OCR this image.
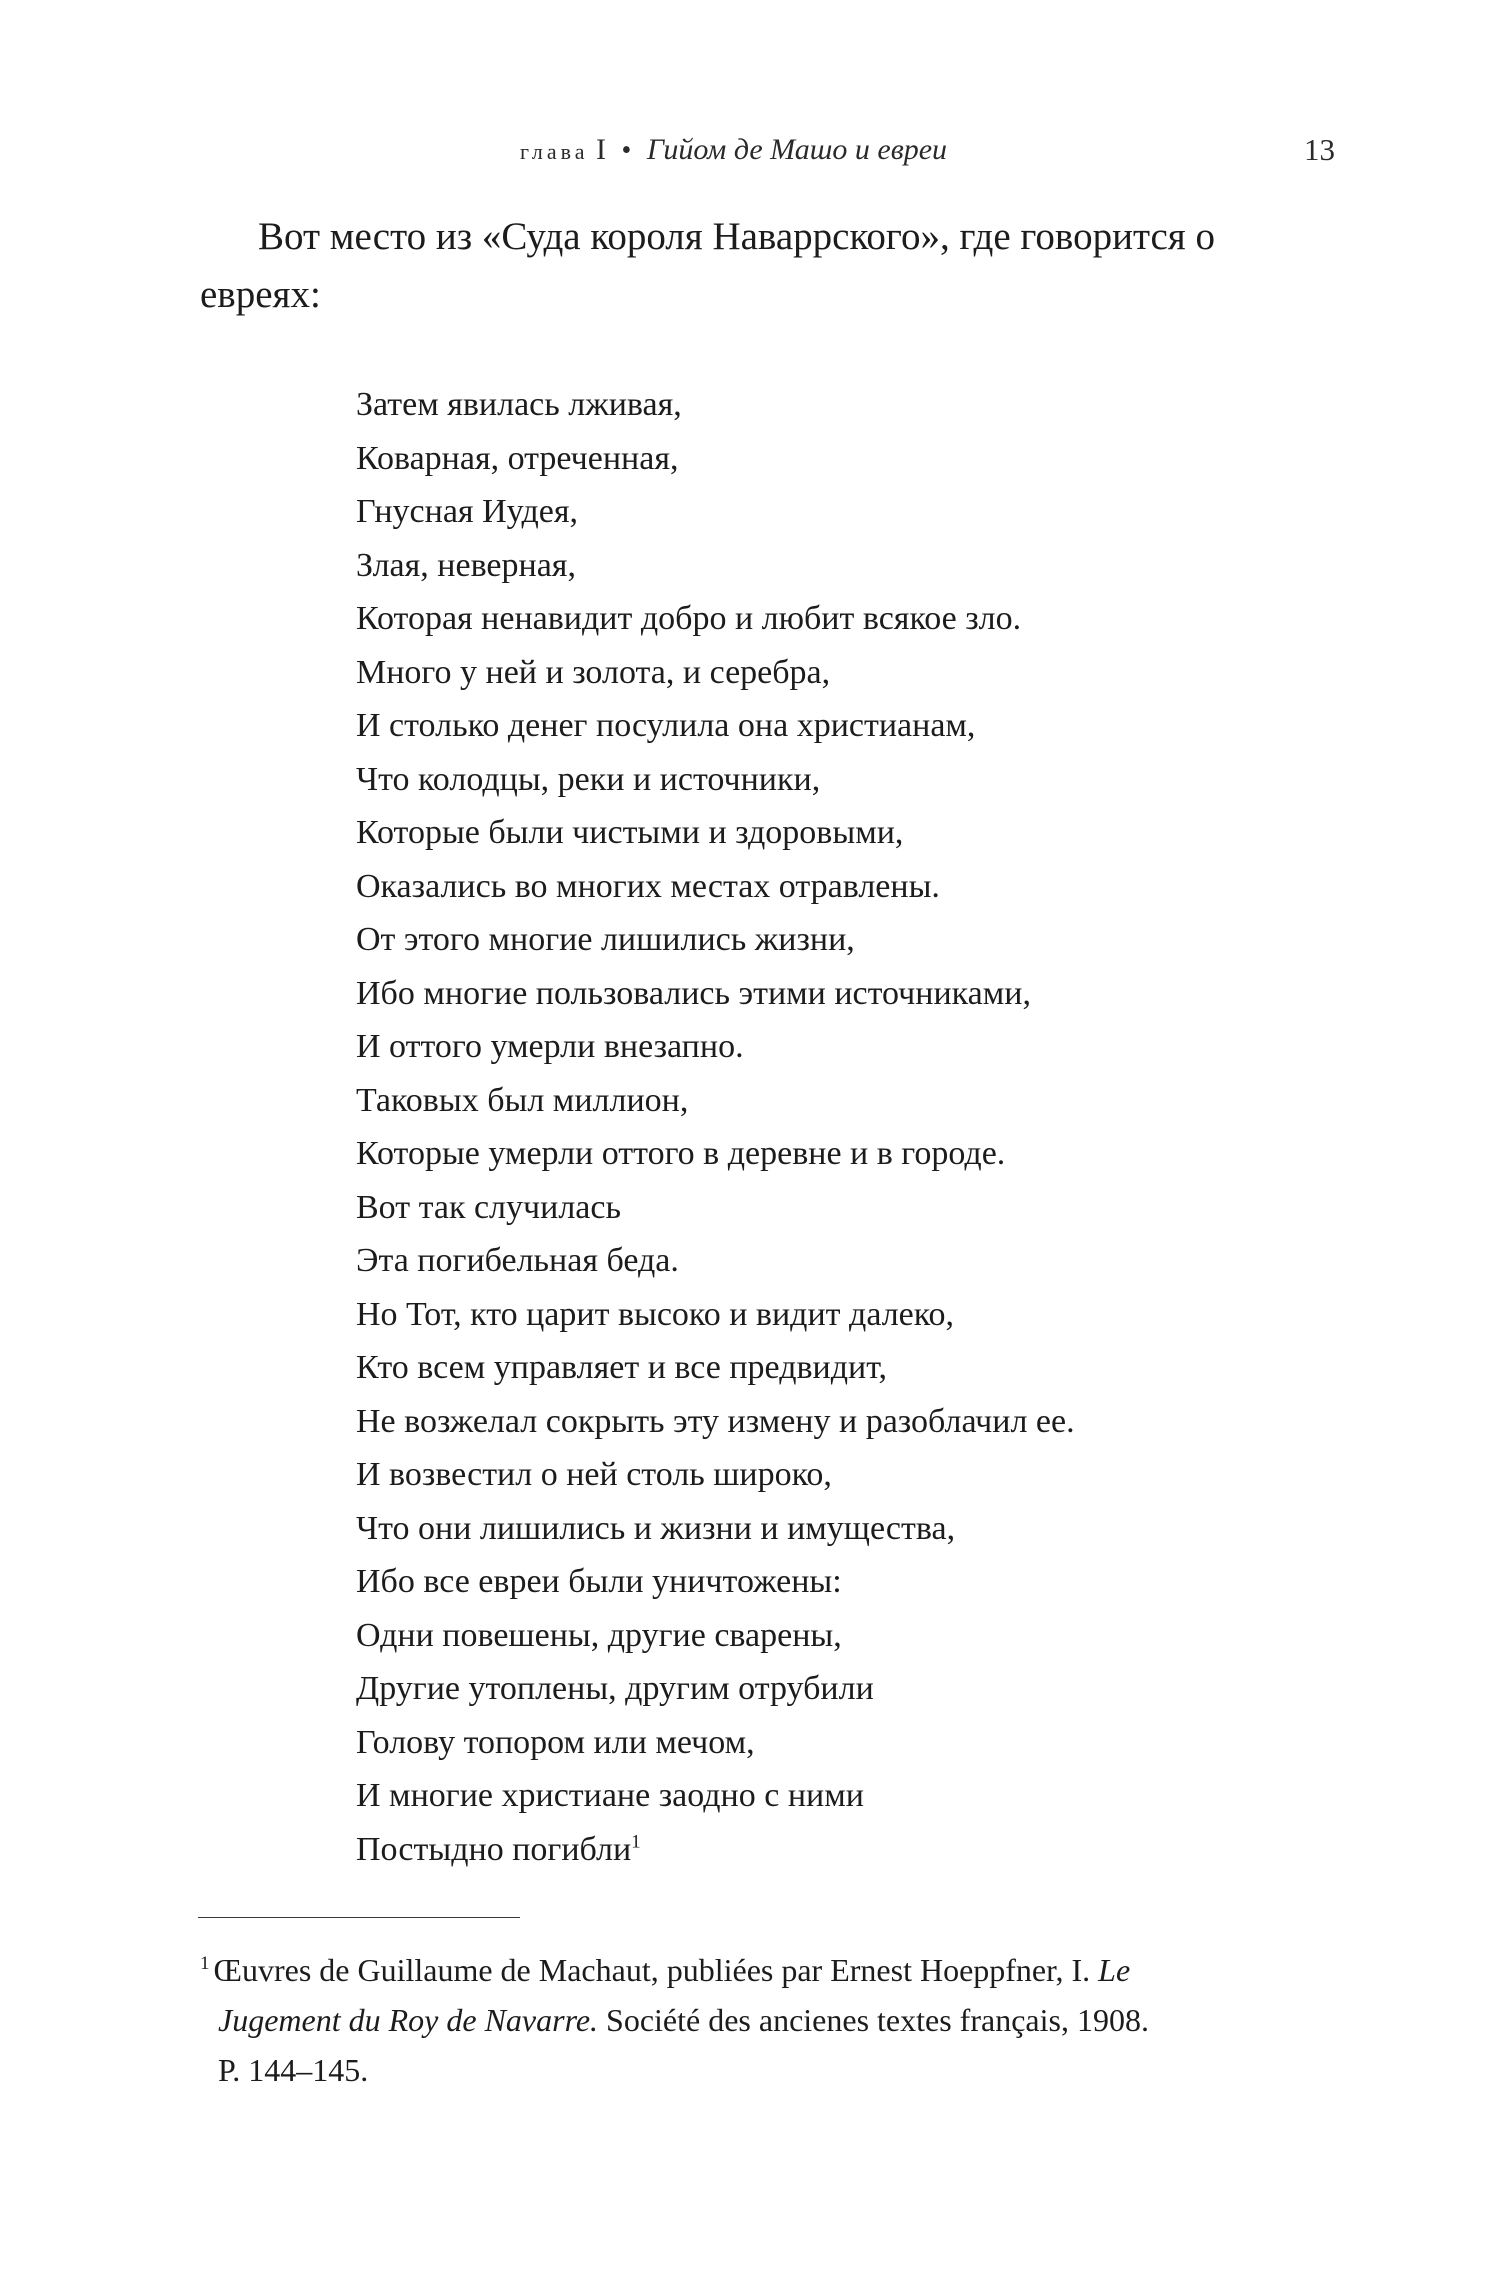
глава I • Гийом де Машо и евреи	13

Вот место из «Суда короля Наваррского», где говорится о евреях:

Затем явилась лживая,
Коварная, отреченная,
Гнусная Иудея,
Злая, неверная,
Которая ненавидит добро и любит всякое зло.
Много у ней и золота, и серебра,
И столько денег посулила она христианам,
Что колодцы, реки и источники,
Которые были чистыми и здоровыми,
Оказались во многих местах отравлены.
От этого многие лишились жизни,
Ибо многие пользовались этими источниками,
И оттого умерли внезапно.
Таковых был миллион,
Которые умерли оттого в деревне и в городе.
Вот так случилась
Эта погибельная беда.
Но Тот, кто царит высоко и видит далеко,
Кто всем управляет и все предвидит,
Не возжелал сокрыть эту измену и разоблачил ее.
И возвестил о ней столь широко,
Что они лишились и жизни и имущества,
Ибо все евреи были уничтожены:
Одни повешены, другие сварены,
Другие утоплены, другим отрубили
Голову топором или мечом,
И многие христиане заодно с ними
Постыдно погибли$^1$
$^1$ Œuvres de Guillaume de Machaut, publiées par Ernest Hoeppfner, I. Le
Jugement du Roy de Navarre. Société des ancienes textes français, 1908.
P. 144–145.
